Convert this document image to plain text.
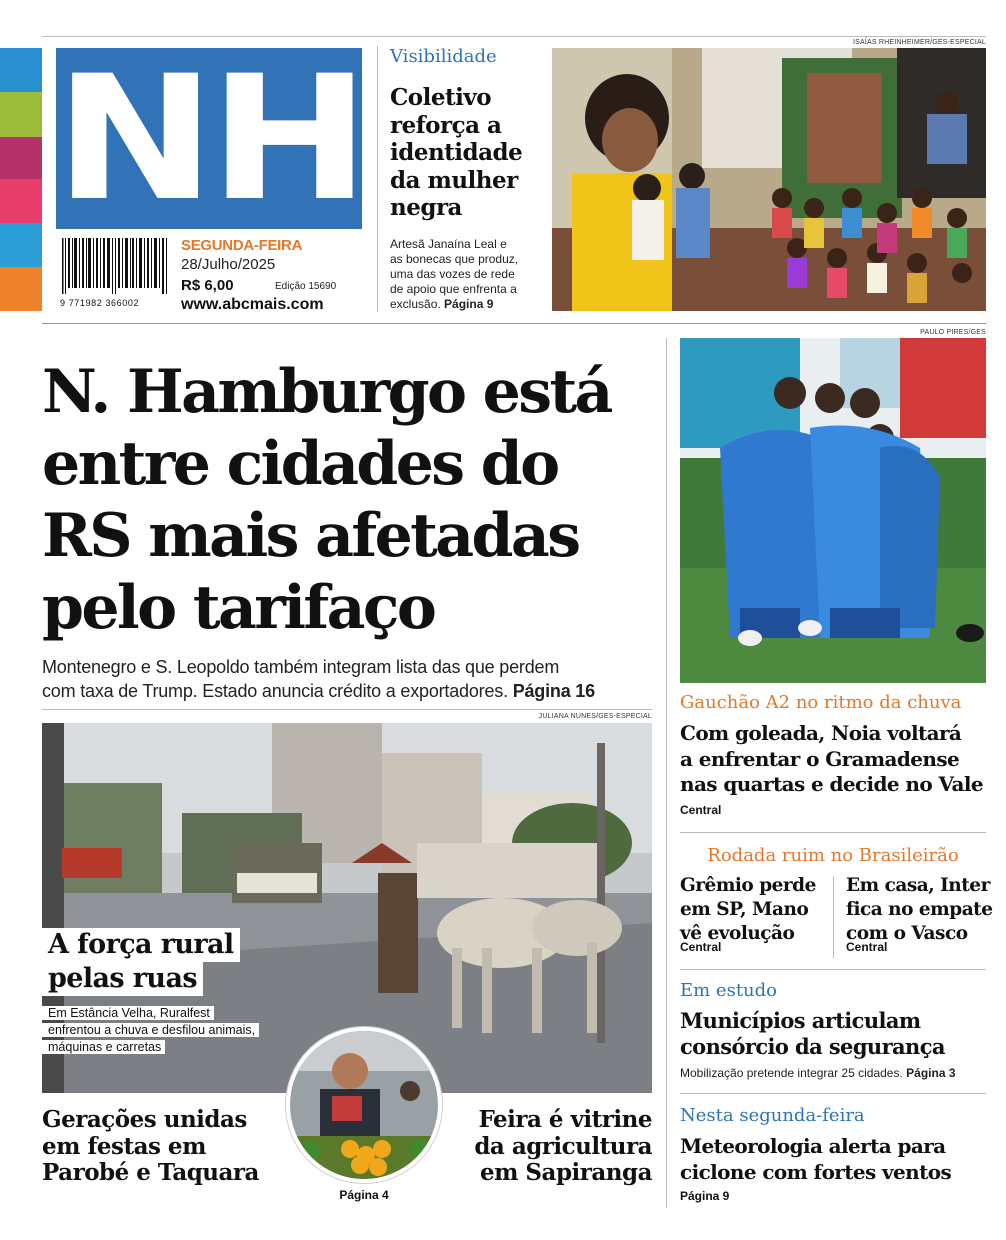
NH
9 771982 366002
SEGUNDA-FEIRA
28/Julho/2025
R$ 6,00	Edição 15690
www.abcmais.com
Visibilidade
Coletivo
reforça a
identidade
da mulher
negra
Artesã Janaína Leal e
as bonecas que produz,
uma das vozes de rede
de apoio que enfrenta a
exclusão. Página 9
ISAÍAS RHEINHEIMER/GES-ESPECIAL
N. Hamburgo está
entre cidades do
RS mais afetadas
pelo tarifaço
Montenegro e S. Leopoldo também integram lista das que perdem
com taxa de Trump. Estado anuncia crédito a exportadores. Página 16
JULIANA NUNES/GES-ESPECIAL
A força rural
pelas ruas
Em Estância Velha, Ruralfest
enfrentou a chuva e desfilou animais,
máquinas e carretas
Página 4
Gerações unidas
em festas em
Parobé e Taquara
Feira é vitrine
da agricultura
em Sapiranga
PAULO PIRES/GES
Gauchão A2 no ritmo da chuva
Com goleada, Noia voltará
a enfrentar o Gramadense
nas quartas e decide no Vale
Central
Rodada ruim no Brasileirão
Grêmio perde
em SP, Mano
vê evolução
Central
Em casa, Inter
fica no empate
com o Vasco
Central
Em estudo
Municípios articulam
consórcio da segurança
Mobilização pretende integrar 25 cidades. Página 3
Nesta segunda-feira
Meteorologia alerta para
ciclone com fortes ventos
Página 9
